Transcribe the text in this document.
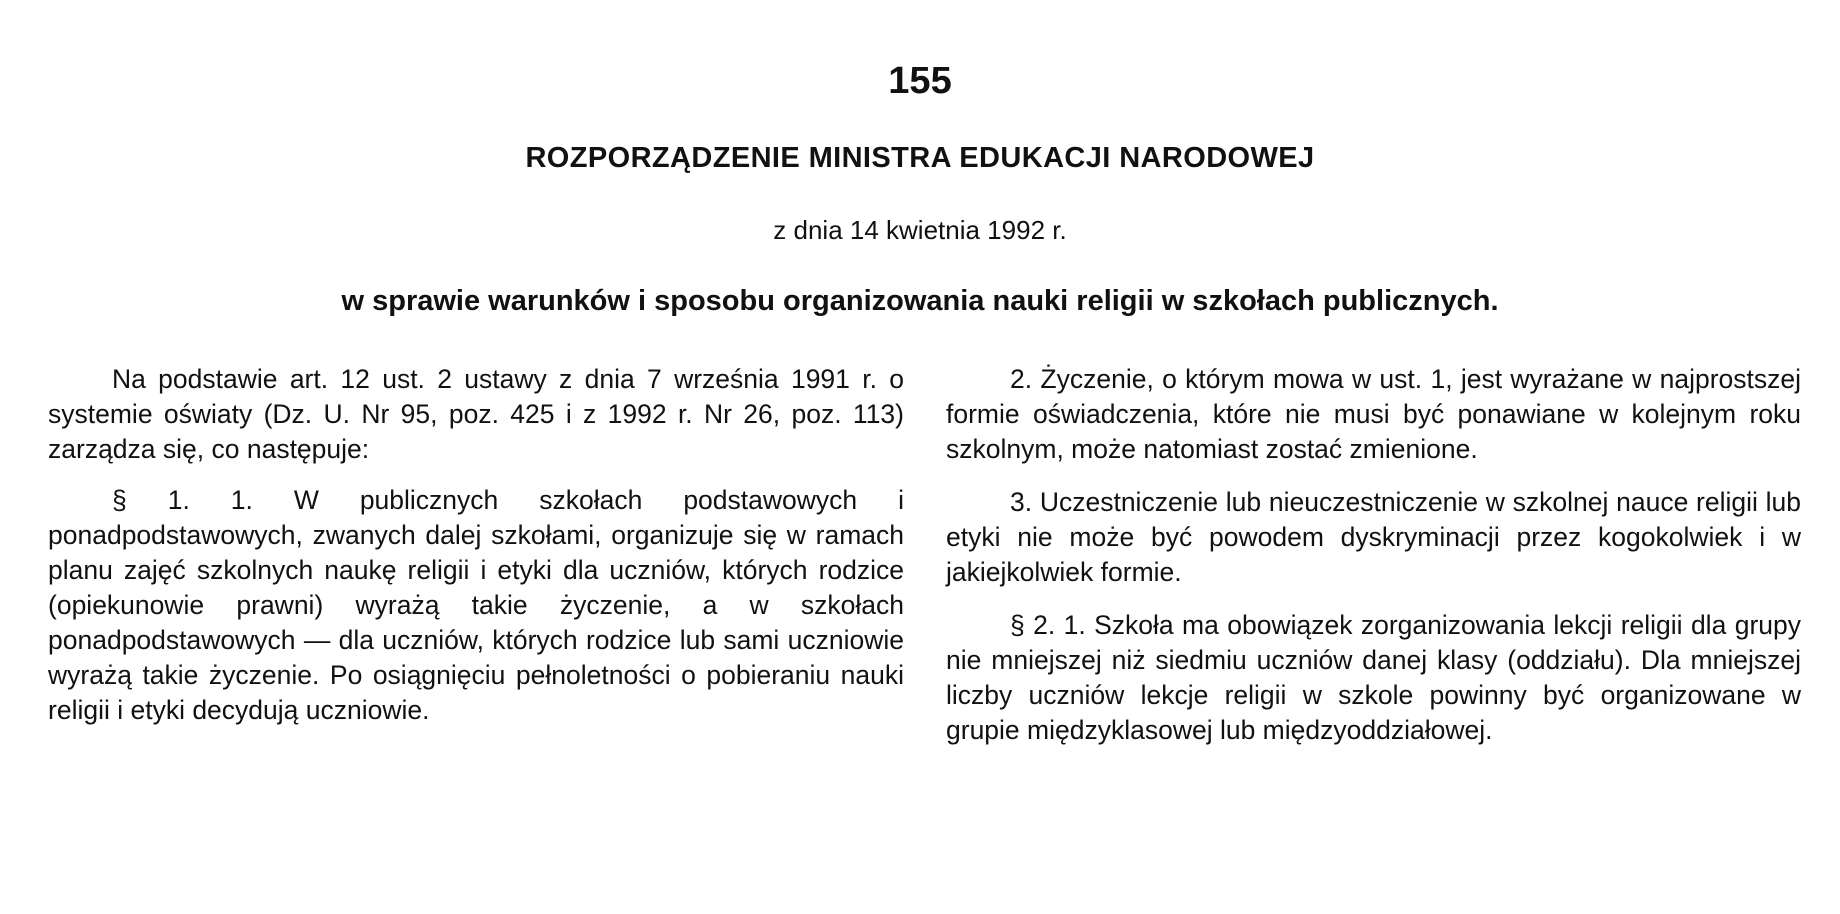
155
ROZPORZĄDZENIE MINISTRA EDUKACJI NARODOWEJ
z dnia 14 kwietnia 1992 r.
w sprawie warunków i sposobu organizowania nauki religii w szkołach publicznych.

Na podstawie art. 12 ust. 2 ustawy z dnia 7 września 1991 r. o systemie oświaty (Dz. U. Nr 95, poz. 425 i z 1992 r. Nr 26, poz. 113) zarządza się, co następuje:

§ 1. 1. W publicznych szkołach podstawowych i ponadpodstawowych, zwanych dalej szkołami, organizuje się w ramach planu zajęć szkolnych naukę religii i etyki dla uczniów, których rodzice (opiekunowie prawni) wyrażą takie życzenie, a w szkołach ponadpodstawowych — dla uczniów, których rodzice lub sami uczniowie wyrażą takie życzenie. Po osiągnięciu pełnoletności o pobieraniu nauki religii i etyki decydują uczniowie.

2. Życzenie, o którym mowa w ust. 1, jest wyrażane w najprostszej formie oświadczenia, które nie musi być ponawiane w kolejnym roku szkolnym, może natomiast zostać zmienione.

3. Uczestniczenie lub nieuczestniczenie w szkolnej nauce religii lub etyki nie może być powodem dyskryminacji przez kogokolwiek i w jakiejkolwiek formie.

§ 2. 1. Szkoła ma obowiązek zorganizowania lekcji religii dla grupy nie mniejszej niż siedmiu uczniów danej klasy (oddziału). Dla mniejszej liczby uczniów lekcje religii w szkole powinny być organizowane w grupie międzyklasowej lub międzyoddziałowej.
